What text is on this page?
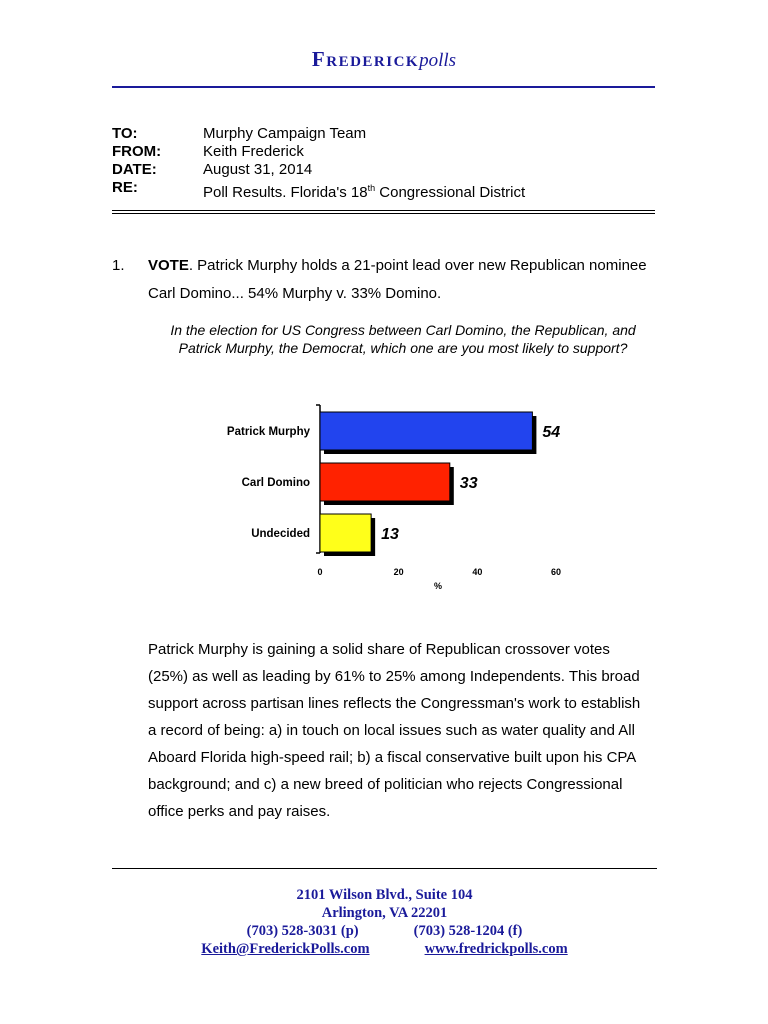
Frederickpolls
TO:	Murphy Campaign Team
FROM:	Keith Frederick
DATE:	August 31, 2014
RE:	Poll Results. Florida's 18th Congressional District
1. VOTE. Patrick Murphy holds a 21-point lead over new Republican nominee Carl Domino... 54% Murphy v. 33% Domino.
In the election for US Congress between Carl Domino, the Republican, and Patrick Murphy, the Democrat, which one are you most likely to support?
Patrick Murphy	54
Carl Domino	33
Undecided	13
0	20	40	60
%
Patrick Murphy is gaining a solid share of Republican crossover votes (25%) as well as leading by 61% to 25% among Independents. This broad support across partisan lines reflects the Congressman's work to establish a record of being: a) in touch on local issues such as water quality and All Aboard Florida high-speed rail; b) a fiscal conservative built upon his CPA background; and c) a new breed of politician who rejects Congressional office perks and pay raises.
2101 Wilson Blvd., Suite 104
Arlington, VA 22201
(703) 528-3031 (p)	(703) 528-1204 (f)
Keith@FrederickPolls.com	www.fredrickpolls.com
